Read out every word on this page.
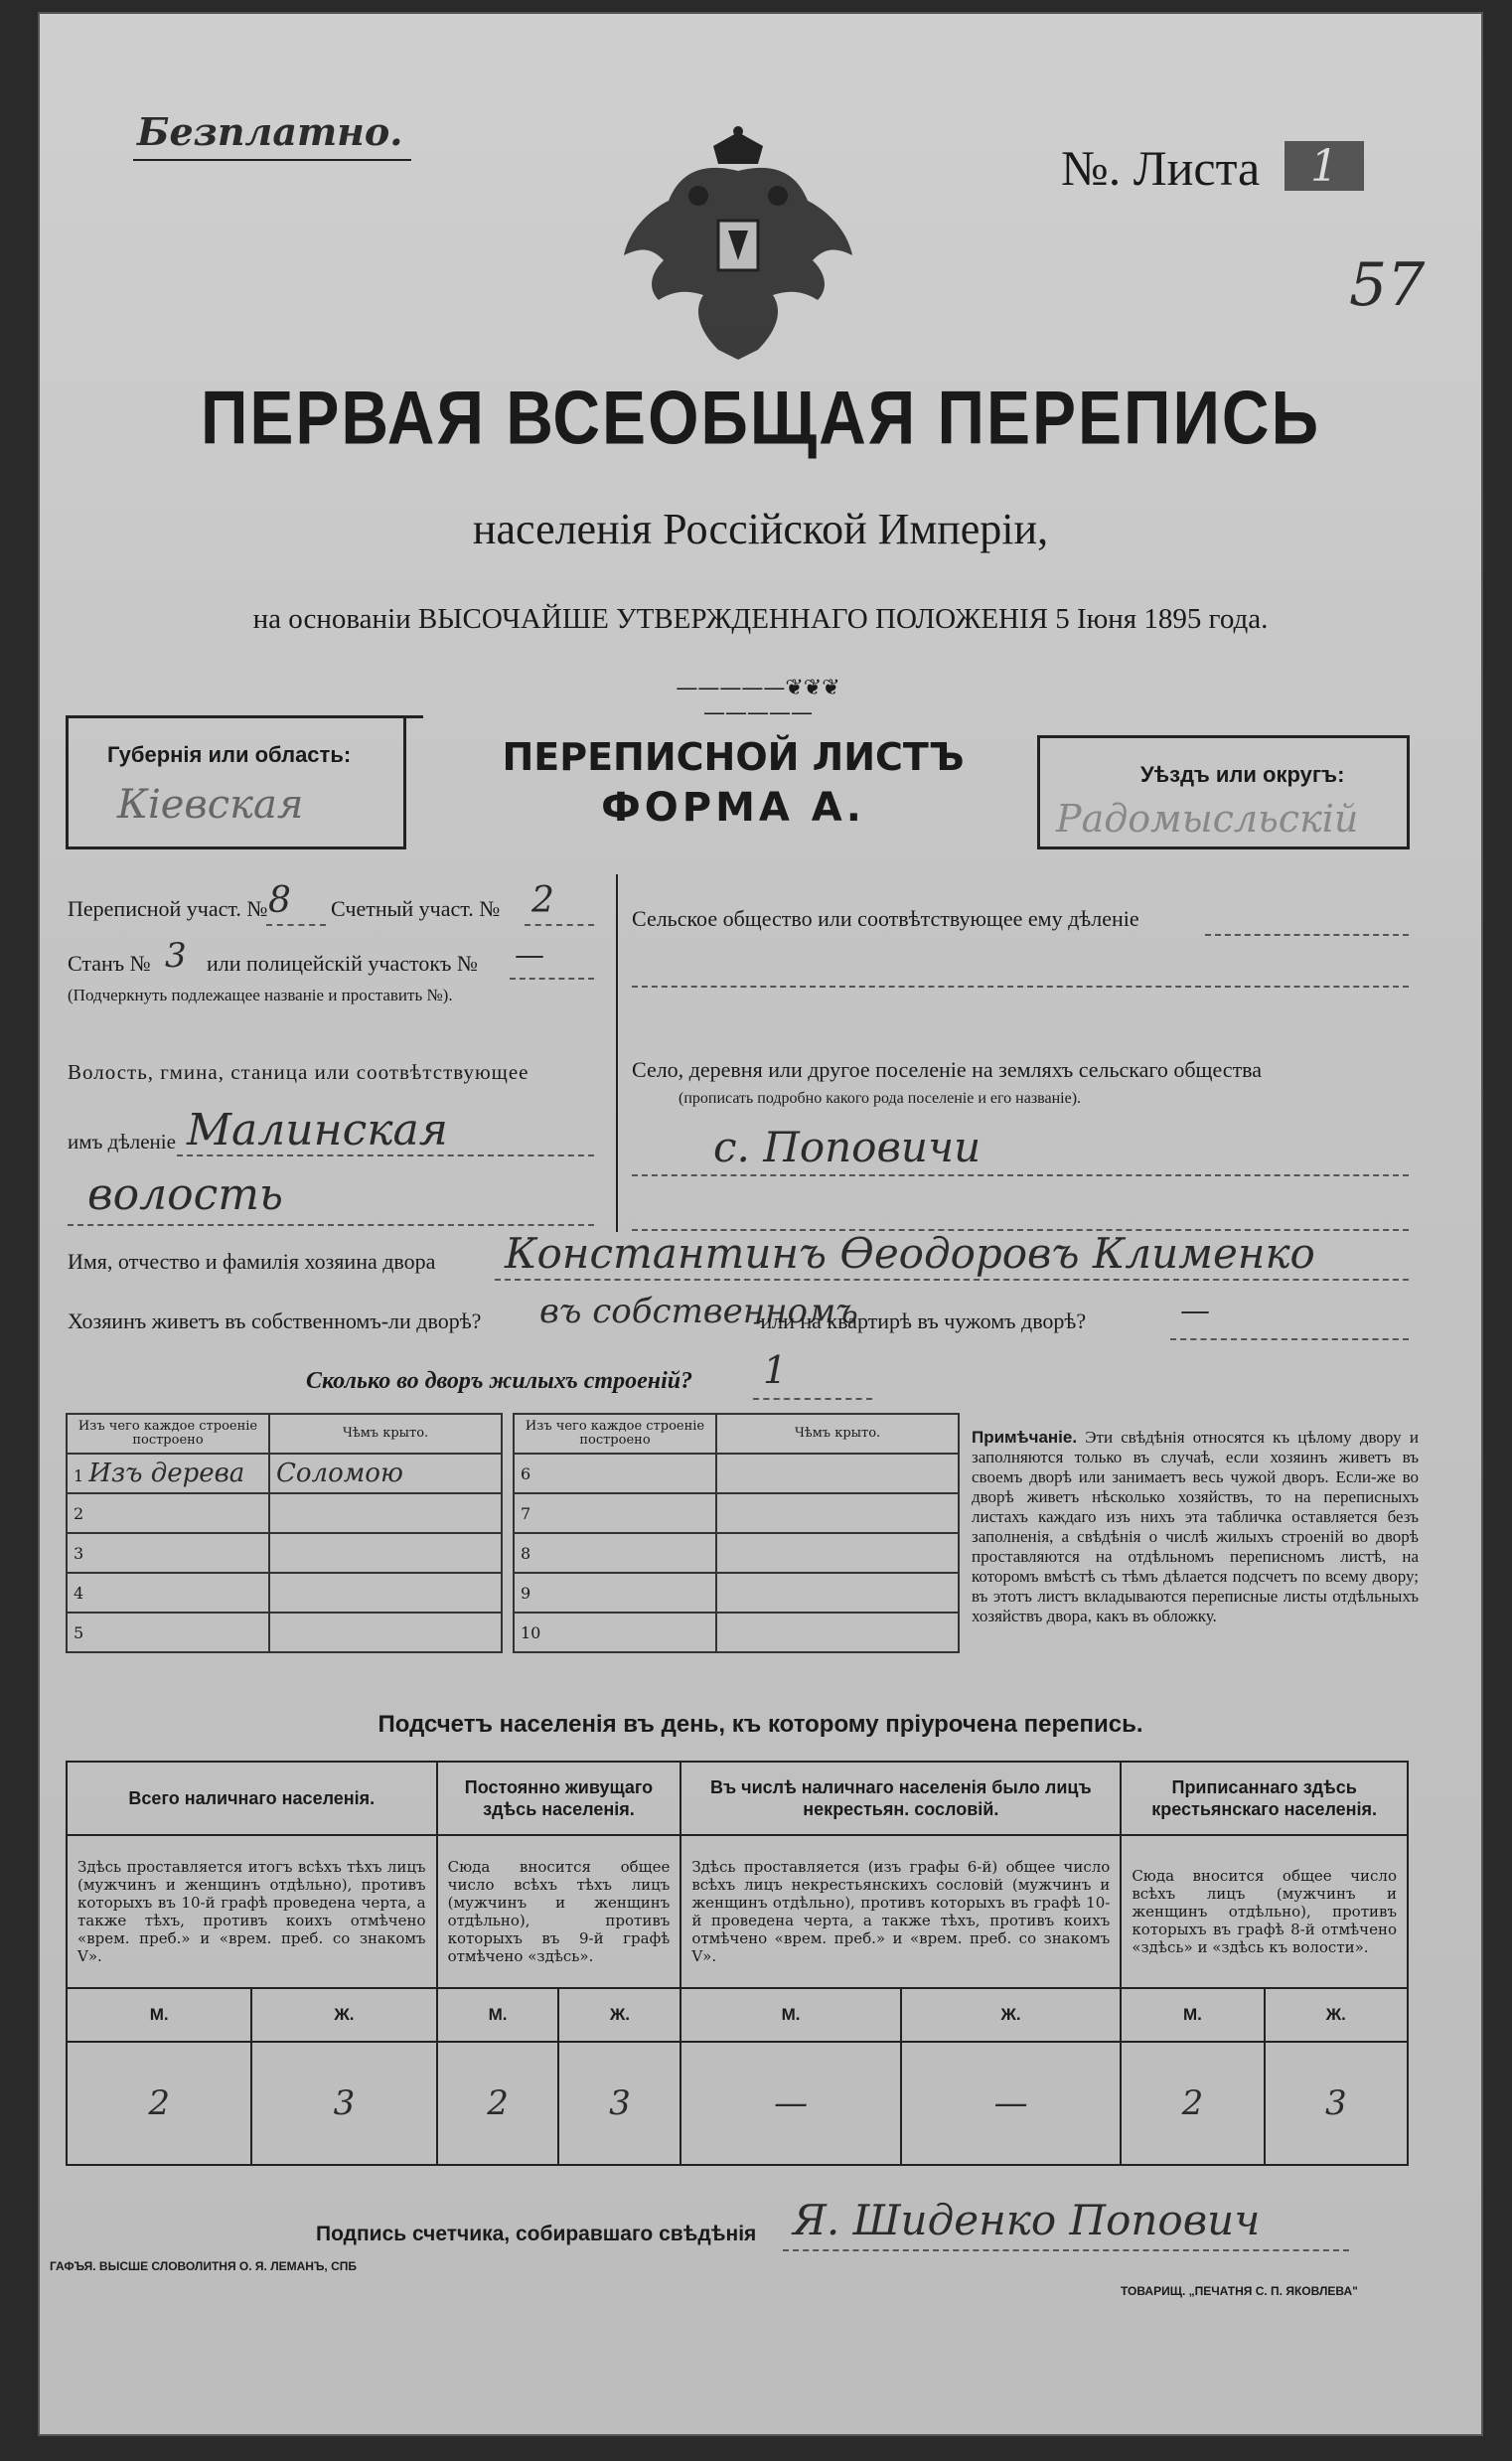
Безплатно.
№. Листа	1
57
ПЕРВАЯ ВСЕОБЩАЯ ПЕРЕПИСЬ
населенія Россійской Имперіи,
на основаніи ВЫСОЧАЙШЕ УТВЕРЖДЕННАГО ПОЛОЖЕНІЯ 5 Іюня 1895 года.
—————❦❦❦—————
Губернія или область:
Кіевская
ПЕРЕПИСНОЙ ЛИСТЪ
ФОРМА А.
Уѣздъ или округъ:
Радомысльскій
Переписной участ. № 8 Счетный участ. № 2
Станъ № 3 или полицейскій участокъ № —
(Подчеркнуть подлежащее названіе и проставить №).
Волость, гмина, станица или соотвѣтствующее
имъ дѣленіе Малинская
волость
Сельское общество или соотвѣтствующее ему дѣленіе
Село, деревня или другое поселеніе на земляхъ сельскаго общества
(прописать подробно какого рода поселеніе и его названіе).
с. Поповичи
Имя, отчество и фамилія хозяина двора Константинъ Ѳеодоровъ Клименко
Хозяинъ живетъ въ собственномъ-ли дворѣ? въ собственномъ
-или на квартирѣ въ чужомъ дворѣ?	—
Сколько во дворъ жилыхъ строеній? 1
Изъ чего каждое строеніе построено	Чѣмъ крыто.
1 Изъ дерева	Соломою
2	
3	
4	
5	
Изъ чего каждое строеніе построено	Чѣмъ крыто.
6	
7	
8	
9	
10	
Примѣчаніе. Эти свѣдѣнія относятся къ цѣлому двору и заполняются только въ случаѣ, если хозяинъ живетъ въ своемъ дворѣ или занимаетъ весь чужой дворъ. Если-же во дворѣ живетъ нѣсколько хозяйствъ, то на переписныхъ листахъ каждаго изъ нихъ эта табличка оставляется безъ заполненія, а свѣдѣнія о числѣ жилыхъ строеній во дворѣ проставляются на отдѣльномъ переписномъ листѣ, на которомъ вмѣстѣ съ тѣмъ дѣлается подсчетъ по всему двору; въ этотъ листъ вкладываются переписные листы отдѣльныхъ хозяйствъ двора, какъ въ обложку.
Подсчетъ населенія въ день, къ которому пріурочена перепись.
Всего наличнаго населенія.		Постоянно живущаго здѣсь населенія.		Въ числѣ наличнаго населенія было лицъ некрестьян. сословій.		Приписаннаго здѣсь крестьянскаго населенія.	
Здѣсь проставляется итогъ всѣхъ тѣхъ лицъ (мужчинъ и женщинъ отдѣльно), противъ которыхъ въ 10-й графѣ проведена черта, а также тѣхъ, противъ коихъ отмѣчено «врем. преб.» и «врем. преб. со знакомъ V».		Сюда вносится общее число всѣхъ тѣхъ лицъ (мужчинъ и женщинъ отдѣльно), противъ которыхъ въ 9-й графѣ отмѣчено «здѣсь».		Здѣсь проставляется (изъ графы 6-й) общее число всѣхъ лицъ некрестьянскихъ сословій (мужчинъ и женщинъ отдѣльно), противъ которыхъ въ графѣ 10-й проведена черта, а также тѣхъ, противъ коихъ отмѣчено «врем. преб.» и «врем. преб. со знакомъ V».		Сюда вносится общее число всѣхъ лицъ (мужчинъ и женщинъ отдѣльно), противъ которыхъ въ графѣ 8-й отмѣчено «здѣсь» и «здѣсь къ волости».	
М.	Ж.	М.	Ж.	М.	Ж.	М.	Ж.
2	3	2	3	—	—	2	3
Подпись счетчика, собиравшаго свѣдѣнія Я. Шиденко Попович
ГАФЪЯ. ВЫСШЕ СЛОВОЛИТНЯ О. Я. ЛЕМАНЪ, СПБ
ТОВАРИЩ. „ПЕЧАТНЯ С. П. ЯКОВЛЕВА"
